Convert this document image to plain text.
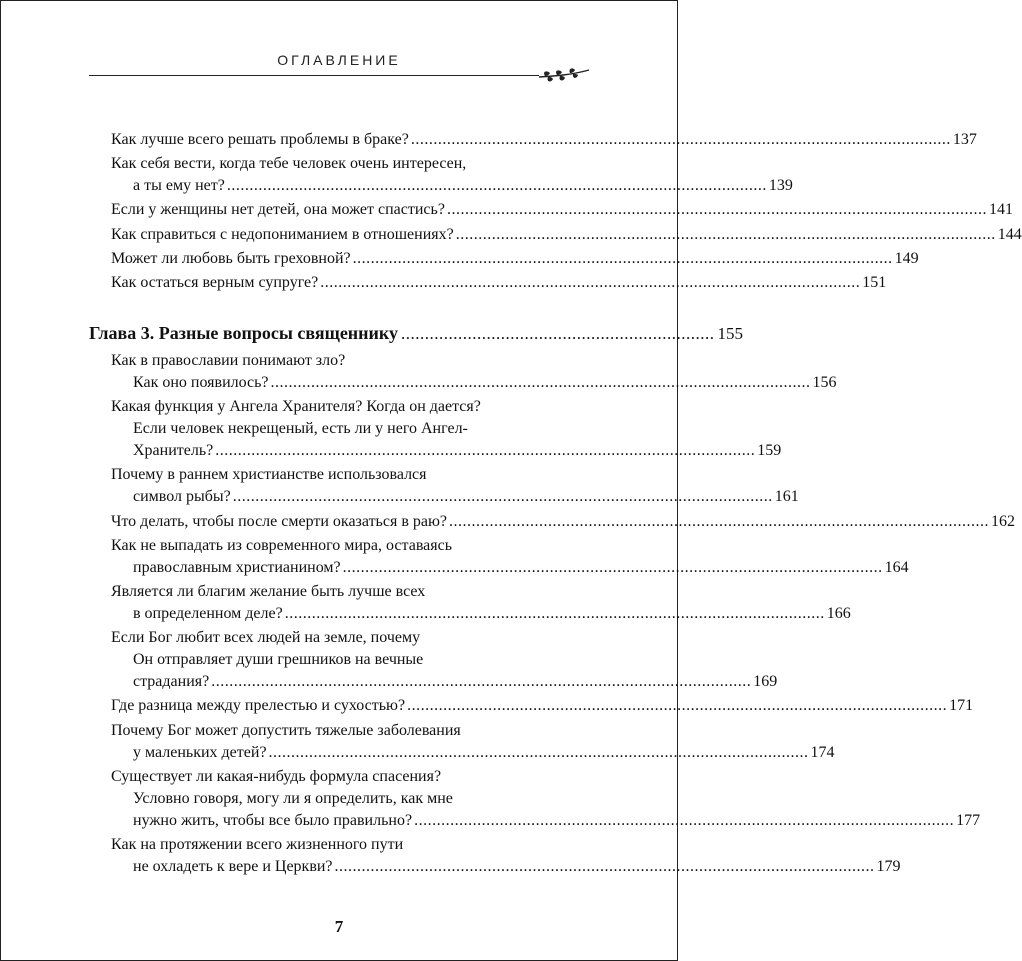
ОГЛАВЛЕНИЕ
Как лучше всего решать проблемы в браке? ........................................................................................................................ 137
Как себя вести, когда тебе человек очень интересен,
а ты ему нет? ........................................................................................................................ 139
Если у женщины нет детей, она может спастись? ........................................................................................................................ 141
Как справиться с недопониманием в отношениях? ........................................................................................................................ 144
Может ли любовь быть греховной? ........................................................................................................................ 149
Как остаться верным супруге? ........................................................................................................................ 151
Как в православии понимают зло?
Как оно появилось? ........................................................................................................................ 156
Какая функция у Ангела Хранителя? Когда он дается?
Если человек некрещеный, есть ли у него Ангел-
Хранитель? ........................................................................................................................ 159
Почему в раннем христианстве использовался
символ рыбы? ........................................................................................................................ 161
Что делать, чтобы после смерти оказаться в раю? ........................................................................................................................ 162
Как не выпадать из современного мира, оставаясь
православным христианином? ........................................................................................................................ 164
Является ли благим желание быть лучше всех
в определенном деле? ........................................................................................................................ 166
Если Бог любит всех людей на земле, почему
Он отправляет души грешников на вечные
страдания? ........................................................................................................................ 169
Где разница между прелестью и сухостью? ........................................................................................................................ 171
Почему Бог может допустить тяжелые заболевания
у маленьких детей? ........................................................................................................................ 174
Существует ли какая-нибудь формула спасения?
Условно говоря, могу ли я определить, как мне
нужно жить, чтобы все было правильно? ........................................................................................................................ 177
Как на протяжении всего жизненного пути
не охладеть к вере и Церкви? ........................................................................................................................ 179
Глава 3. Разные вопросы священнику .................................................................. 155
7
